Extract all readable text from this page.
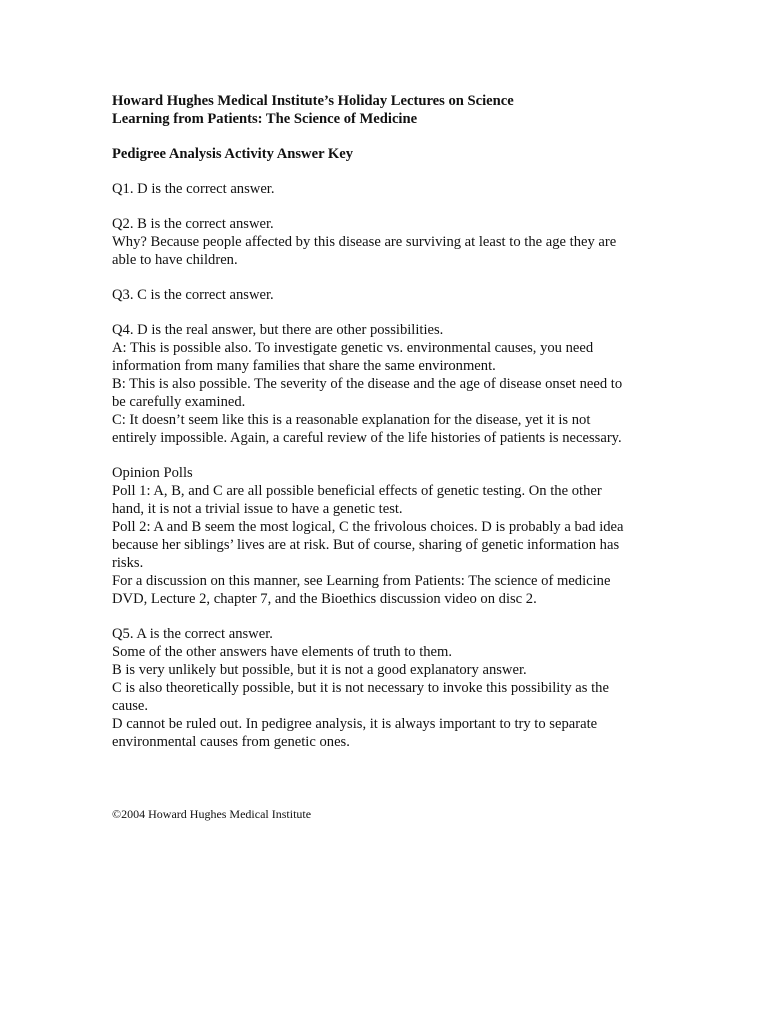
Howard Hughes Medical Institute’s Holiday Lectures on Science
Learning from Patients: The Science of Medicine
Pedigree Analysis Activity Answer Key
Q1. D is the correct answer.
Q2. B is the correct answer.
Why? Because people affected by this disease are surviving at least to the age they are
able to have children.
Q3. C is the correct answer.
Q4. D is the real answer, but there are other possibilities.
A: This is possible also. To investigate genetic vs. environmental causes, you need
information from many families that share the same environment.
B: This is also possible. The severity of the disease and the age of disease onset need to
be carefully examined.
C: It doesn’t seem like this is a reasonable explanation for the disease, yet it is not
entirely impossible. Again, a careful review of the life histories of patients is necessary.
Opinion Polls
Poll 1: A, B, and C are all possible beneficial effects of genetic testing. On the other
hand, it is not a trivial issue to have a genetic test.
Poll 2: A and B seem the most logical, C the frivolous choices. D is probably a bad idea
because her siblings’ lives are at risk. But of course, sharing of genetic information has
risks.
For a discussion on this manner, see Learning from Patients: The science of medicine
DVD, Lecture 2, chapter 7, and the Bioethics discussion video on disc 2.
Q5. A is the correct answer.
Some of the other answers have elements of truth to them.
B is very unlikely but possible, but it is not a good explanatory answer.
C is also theoretically possible, but it is not necessary to invoke this possibility as the
cause.
D cannot be ruled out. In pedigree analysis, it is always important to try to separate
environmental causes from genetic ones.
©2004 Howard Hughes Medical Institute
